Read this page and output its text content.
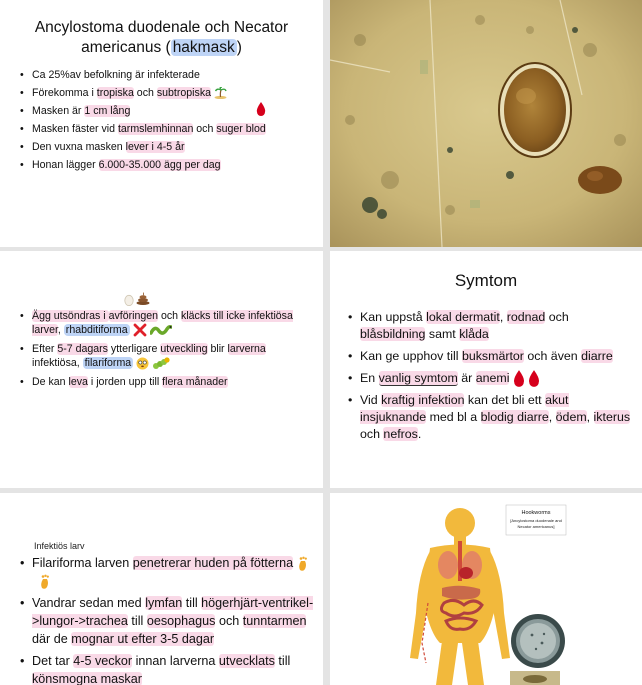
Ancylostoma duodenale och Necator
americanus ( hakmask )
• Ca 25%av befolkning är infekterade
• Förekomma i tropiska och subtropiska
• Masken är 1 cm lång
• Masken fäster vid tarmslemhinnan och suger blod
• Den vuxna masken lever i 4-5 år
• Honan lägger 6.000-35.000 ägg per dag
• Ägg utsöndras i avföringen och kläcks till icke infektiösa larver, rhabditiforma
• Efter 5-7 dagars ytterligare utveckling blir larverna infektiösa, filariforma
• De kan leva i jorden upp till flera månader
Symtom
• Kan uppstå lokal dermatit, rodnad och blåsbildning samt klåda
• Kan ge upphov till buksmärtor och även diarre
• En vanlig symtom är anemi
• Vid kraftig infektion kan det bli ett akut insjuknande med bl a blodig diarre, ödem, ikterus och nefros.
Infektiös larv
• Filariforma larven penetrerar huden på fötterna
• Vandrar sedan med lymfan till högerhjärt-ventrikel->lungor->trachea till oesophagus och tunntarmen där de mognar ut efter 3-5 dagar
• Det tar 4-5 veckor innan larverna utvecklats till könsmogna maskar
Hookworms
[Ancylostoma duodenale and
Necator americanus]
